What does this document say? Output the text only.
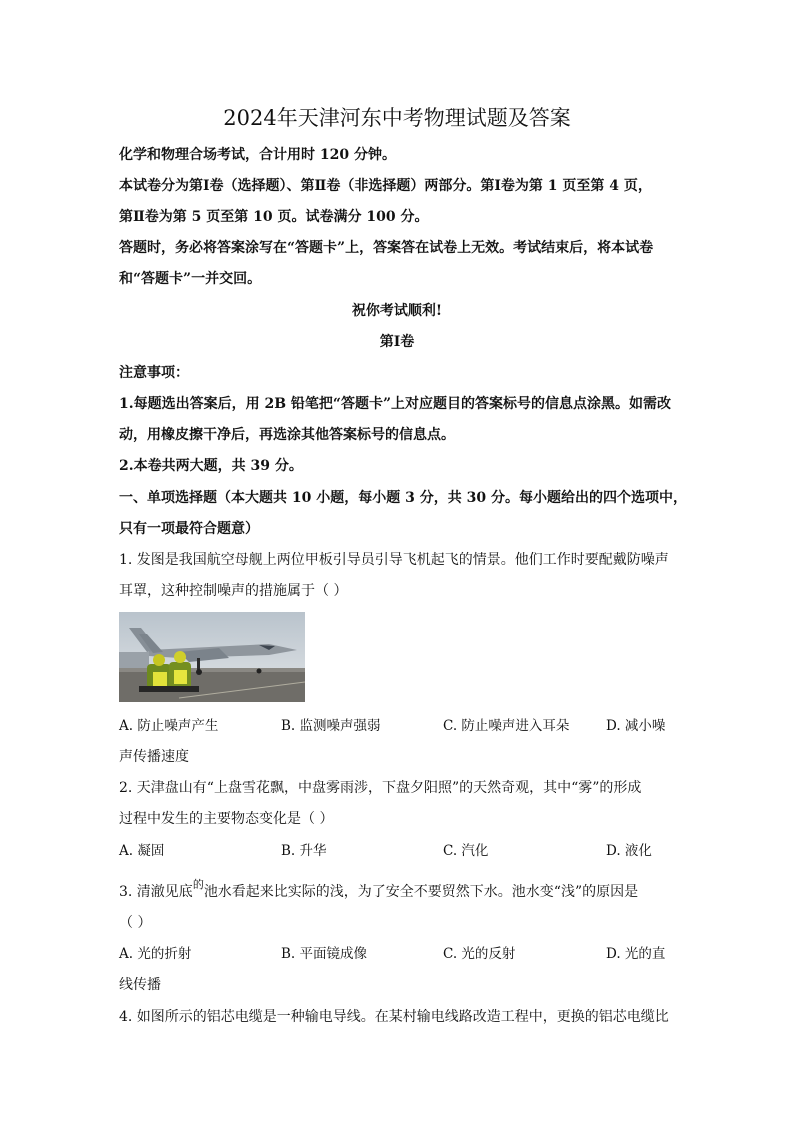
2024年天津河东中考物理试题及答案
化学和物理合场考试，合计用时 120 分钟。
本试卷分为第Ⅰ卷（选择题）、第Ⅱ卷（非选择题）两部分。第Ⅰ卷为第 1 页至第 4 页，
第Ⅱ卷为第 5 页至第 10 页。试卷满分 100 分。
答题时，务必将答案涂写在“答题卡”上，答案答在试卷上无效。考试结束后，将本试卷
和“答题卡”一并交回。
祝你考试顺利!
第Ⅰ卷
注意事项：
1.每题选出答案后，用 2B 铅笔把“答题卡”上对应题目的答案标号的信息点涂黑。如需改
动，用橡皮擦干净后，再选涂其他答案标号的信息点。
2.本卷共两大题，共 39 分。
一、单项选择题（本大题共 10 小题，每小题 3 分，共 30 分。每小题给出的四个选项中，
只有一项最符合题意）
1. 发图是我国航空母舰上两位甲板引导员引导飞机起飞的情景。他们工作时要配戴防噪声
耳罩，这种控制噪声的措施属于（ ）
A. 防止噪声产生	B. 监测噪声强弱	C. 防止噪声进入耳朵	D. 减小噪
声传播速度
2. 天津盘山有“上盘雪花飘，中盘雾雨涉，下盘夕阳照”的天然奇观，其中“雾”的形成
过程中发生的主要物态变化是（ ）
A. 凝固	B. 升华	C. 汽化	D. 液化
3. 清澈见底$^的$池水看起来比实际的浅，为了安全不要贸然下水。池水变“浅”的原因是
（ ）
A. 光的折射	B. 平面镜成像	C. 光的反射	D. 光的直
线传播
4. 如图所示的铝芯电缆是一种输电导线。在某村输电线路改造工程中，更换的铝芯电缆比
